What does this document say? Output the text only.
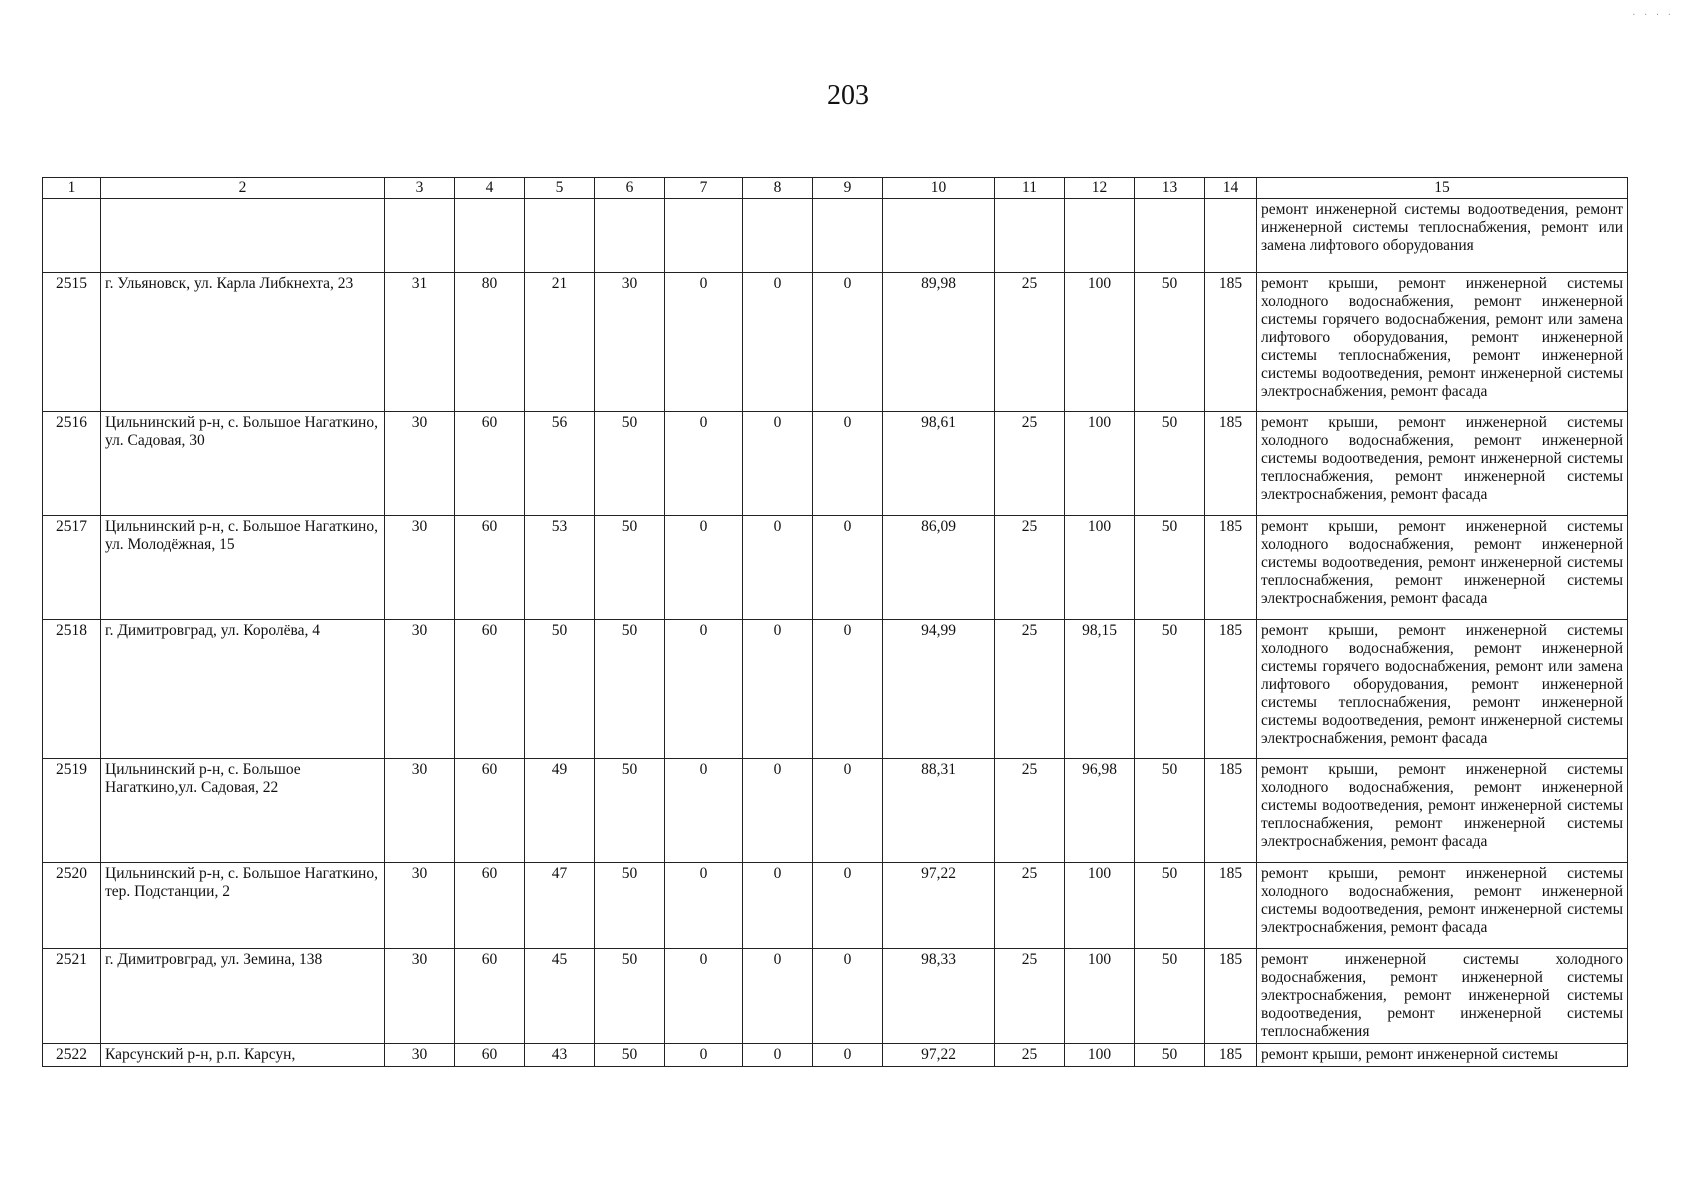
· · · ·
203
1	2	3	4	5	6	7	8	9	10	11	12	13	14	15
														ремонт инженерной системы водоотведения, ремонт инженерной системы теплоснабжения, ремонт или замена лифтового оборудования
2515	г. Ульяновск, ул. Карла Либкнехта, 23	31	80	21	30	0	0	0	89,98	25	100	50	185	ремонт крыши, ремонт инженерной системы холодного водоснабжения, ремонт инженерной системы горячего водоснабжения, ремонт или замена лифтового оборудования, ремонт инженерной системы теплоснабжения, ремонт инженерной системы водоотведения, ремонт инженерной системы электроснабжения, ремонт фасада
2516	Цильнинский р-н, с. Большое Нагаткино, ул. Садовая, 30	30	60	56	50	0	0	0	98,61	25	100	50	185	ремонт крыши, ремонт инженерной системы холодного водоснабжения, ремонт инженерной системы водоотведения, ремонт инженерной системы теплоснабжения, ремонт инженерной системы электроснабжения, ремонт фасада
2517	Цильнинский р-н, с. Большое Нагаткино, ул. Молодёжная, 15	30	60	53	50	0	0	0	86,09	25	100	50	185	ремонт крыши, ремонт инженерной системы холодного водоснабжения, ремонт инженерной системы водоотведения, ремонт инженерной системы теплоснабжения, ремонт инженерной системы электроснабжения, ремонт фасада
2518	г. Димитровград, ул. Королёва, 4	30	60	50	50	0	0	0	94,99	25	98,15	50	185	ремонт крыши, ремонт инженерной системы холодного водоснабжения, ремонт инженерной системы горячего водоснабжения, ремонт или замена лифтового оборудования, ремонт инженерной системы теплоснабжения, ремонт инженерной системы водоотведения, ремонт инженерной системы электроснабжения, ремонт фасада
2519	Цильнинский р-н, с. Большое Нагаткино,ул. Садовая, 22	30	60	49	50	0	0	0	88,31	25	96,98	50	185	ремонт крыши, ремонт инженерной системы холодного водоснабжения, ремонт инженерной системы водоотведения, ремонт инженерной системы теплоснабжения, ремонт инженерной системы электроснабжения, ремонт фасада
2520	Цильнинский р-н, с. Большое Нагаткино, тер. Подстанции, 2	30	60	47	50	0	0	0	97,22	25	100	50	185	ремонт крыши, ремонт инженерной системы холодного водоснабжения, ремонт инженерной системы водоотведения, ремонт инженерной системы электроснабжения, ремонт фасада
2521	г. Димитровград, ул. Земина, 138	30	60	45	50	0	0	0	98,33	25	100	50	185	ремонт инженерной системы холодного водоснабжения, ремонт инженерной системы электроснабжения, ремонт инженерной системы водоотведения, ремонт инженерной системы теплоснабжения
2522	Карсунский р-н, р.п. Карсун,	30	60	43	50	0	0	0	97,22	25	100	50	185	ремонт крыши, ремонт инженерной системы
